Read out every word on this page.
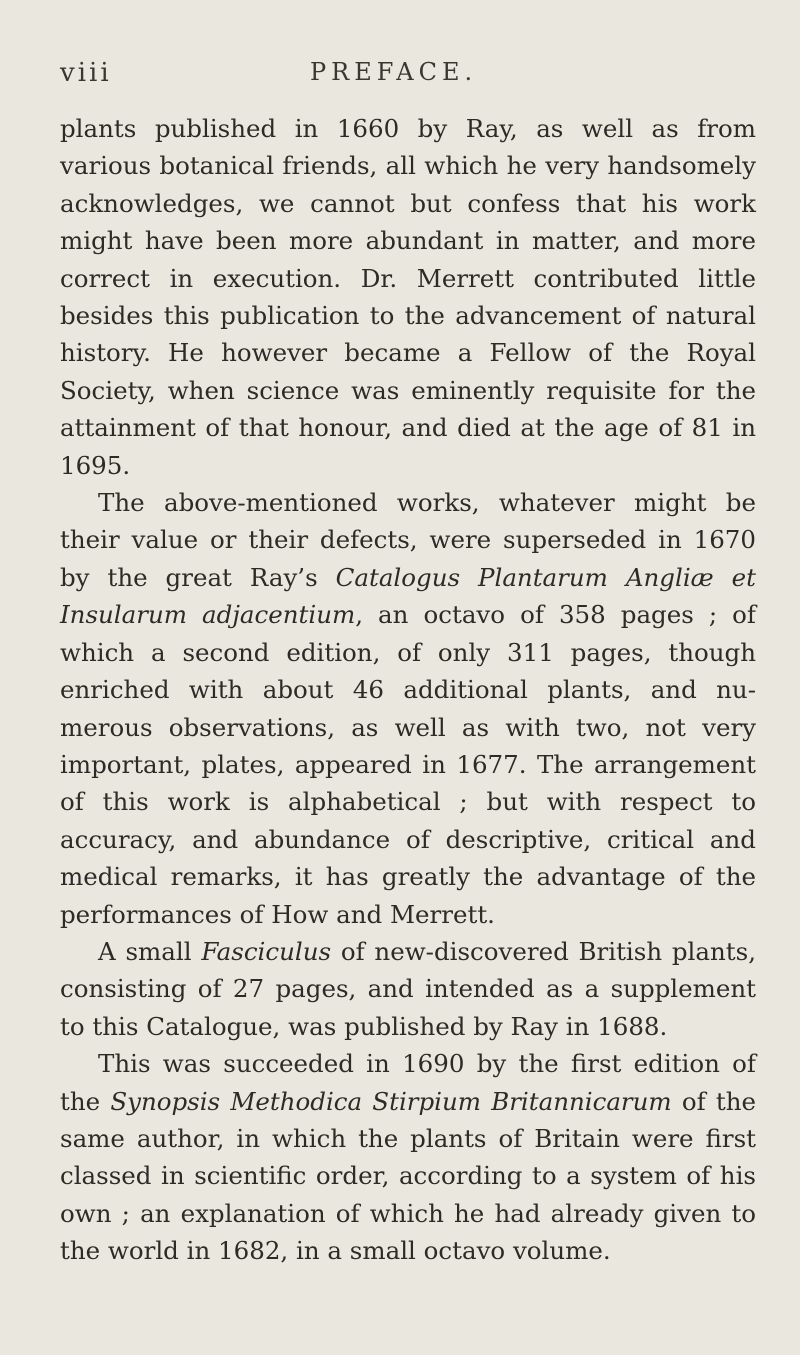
viii	PREFACE.

plants published in 1660 by Ray, as well as from various botanical friends, all which he very handsomely acknowledges, we cannot but confess that his work might have been more abundant in matter, and more correct in execution. Dr. Merrett contributed little besides this publication to the advancement of natural history. He however became a Fellow of the Royal Society, when science was eminently requisite for the attainment of that honour, and died at the age of 81 in 1695.

The above-mentioned works, whatever might be their value or their defects, were superseded in 1670 by the great Ray’s Catalogus Plantarum Angliæ et Insularum adjacentium, an octavo of 358 pages ; of which a second edition, of only 311 pages, though enriched with about 46 additional plants, and numerous observations, as well as with two, not very important, plates, appeared in 1677. The arrangement of this work is alphabetical ; but with respect to accuracy, and abundance of descriptive, critical and medical remarks, it has greatly the advantage of the performances of How and Merrett.

A small Fasciculus of new-discovered British plants, consisting of 27 pages, and intended as a supplement to this Catalogue, was published by Ray in 1688.

This was succeeded in 1690 by the first edition of the Synopsis Methodica Stirpium Britannicarum of the same author, in which the plants of Britain were first classed in scientific order, according to a system of his own ; an explanation of which he had already given to the world in 1682, in a small octavo volume.
